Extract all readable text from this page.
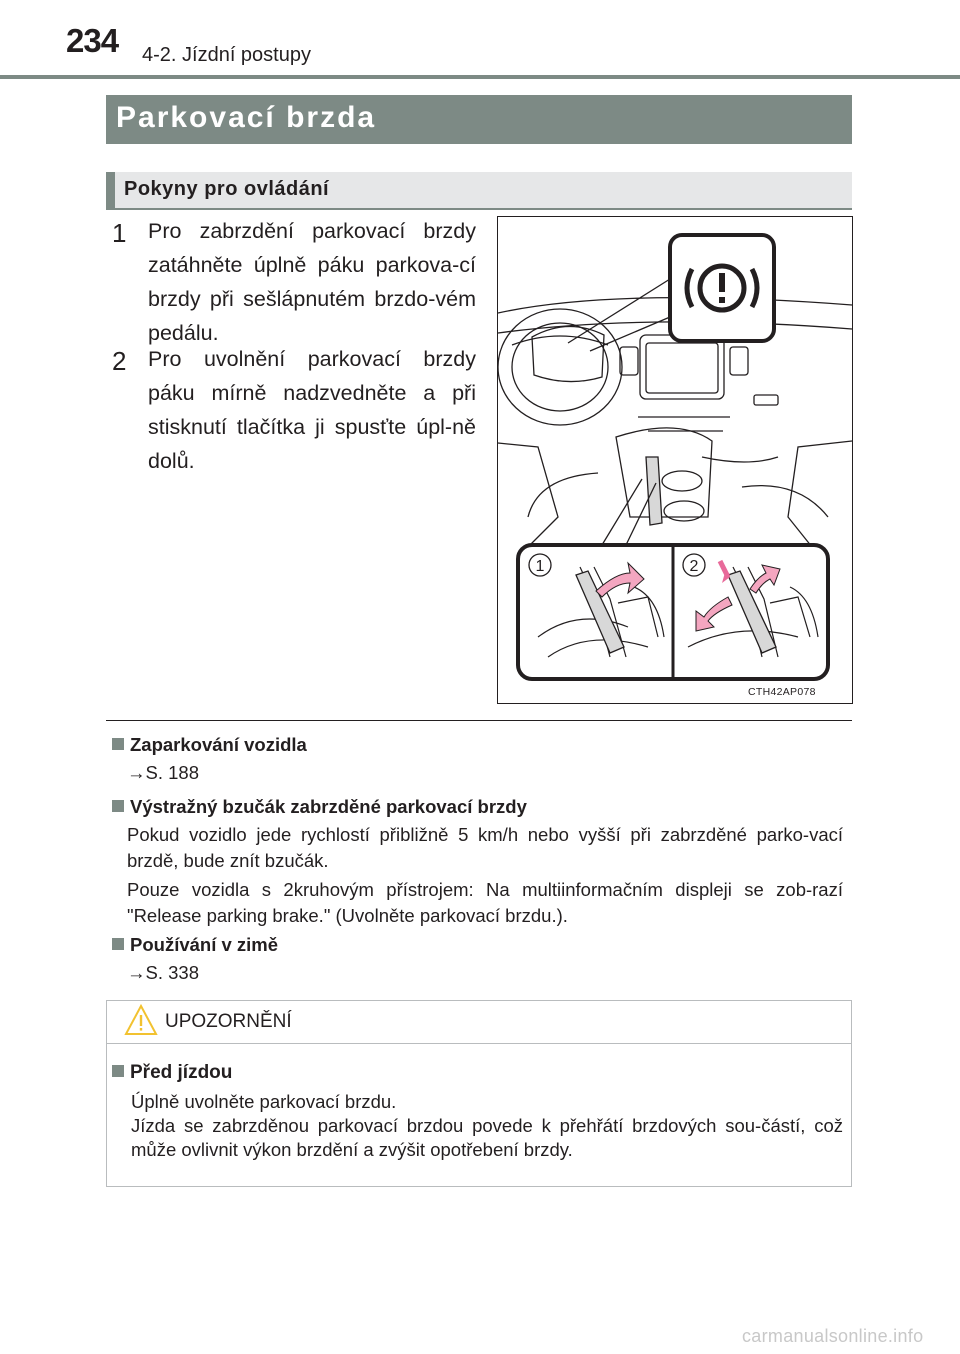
234 4-2. Jízdní postupy
Parkovací brzda
Pokyny pro ovládání
1 Pro zabrzdění parkovací brzdy zatáhněte úplně páku parkova-cí brzdy při sešlápnutém brzdo-vém pedálu.
2 Pro uvolnění parkovací brzdy páku mírně nadzvedněte a při stisknutí tlačítka ji spusťte úpl-ně dolů.
1	2
CTH42AP078
Zaparkování vozidla
→S. 188
Výstražný bzučák zabrzděné parkovací brzdy
Pokud vozidlo jede rychlostí přibližně 5 km/h nebo vyšší při zabrzděné parko-vací brzdě, bude znít bzučák.
Pouze vozidla s 2kruhovým přístrojem: Na multiinformačním displeji se zob-razí "Release parking brake." (Uvolněte parkovací brzdu.).
Používání v zimě
→S. 338
UPOZORNĚNÍ
Před jízdou
Úplně uvolněte parkovací brzdu.
Jízda se zabrzděnou parkovací brzdou povede k přehřátí brzdových sou-částí, což může ovlivnit výkon brzdění a zvýšit opotřebení brzdy.
carmanualsonline.info
